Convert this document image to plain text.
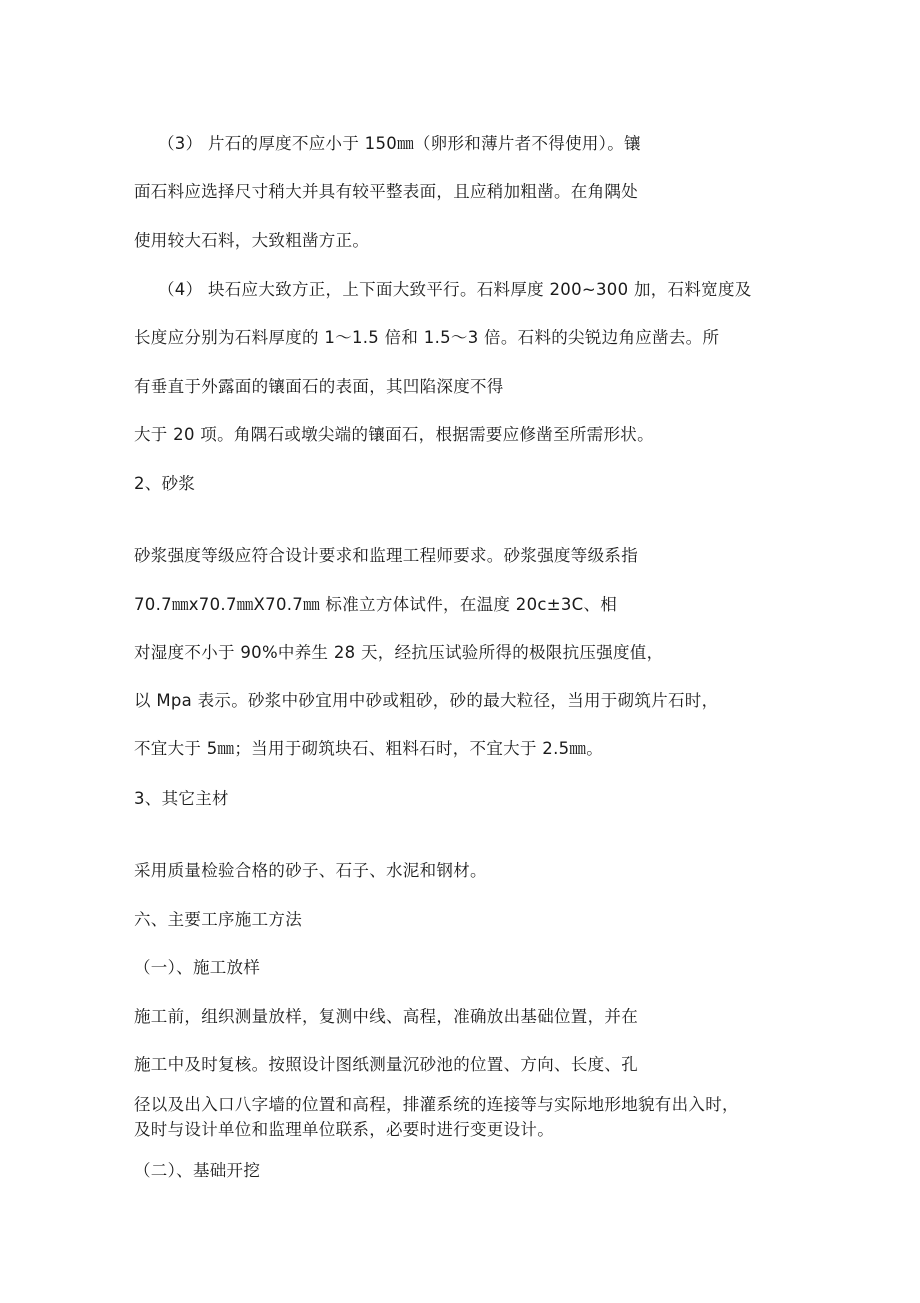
（3） 片石的厚度不应小于 150㎜（卵形和薄片者不得使用）。镶
面石料应选择尺寸稍大并具有较平整表面，且应稍加粗凿。在角隅处
使用较大石料，大致粗凿方正。
（4） 块石应大致方正，上下面大致平行。石料厚度 200~300 加，石料宽度及
长度应分别为石料厚度的 1〜1.5 倍和 1.5〜3 倍。石料的尖锐边角应凿去。所
有垂直于外露面的镶面石的表面，其凹陷深度不得
大于 20 项。角隅石或墩尖端的镶面石，根据需要应修凿至所需形状。
2、砂浆
砂浆强度等级应符合设计要求和监理工程师要求。砂浆强度等级系指
70.7㎜x70.7㎜X70.7㎜ 标准立方体试件，在温度 20c±3C、相
对湿度不小于 90%中养生 28 天，经抗压试验所得的极限抗压强度值，
以 Mpa 表示。砂浆中砂宜用中砂或粗砂，砂的最大粒径，当用于砌筑片石时，
不宜大于 5㎜；当用于砌筑块石、粗料石时，不宜大于 2.5㎜。
3、其它主材
采用质量检验合格的砂子、石子、水泥和钢材。
六、主要工序施工方法
（一）、施工放样
施工前，组织测量放样，复测中线、高程，准确放出基础位置，并在
施工中及时复核。按照设计图纸测量沉砂池的位置、方向、长度、孔
径以及出入口八字墙的位置和高程，排灌系统的连接等与实际地形地貌有出入时，
及时与设计单位和监理单位联系，必要时进行变更设计。
（二）、基础开挖
